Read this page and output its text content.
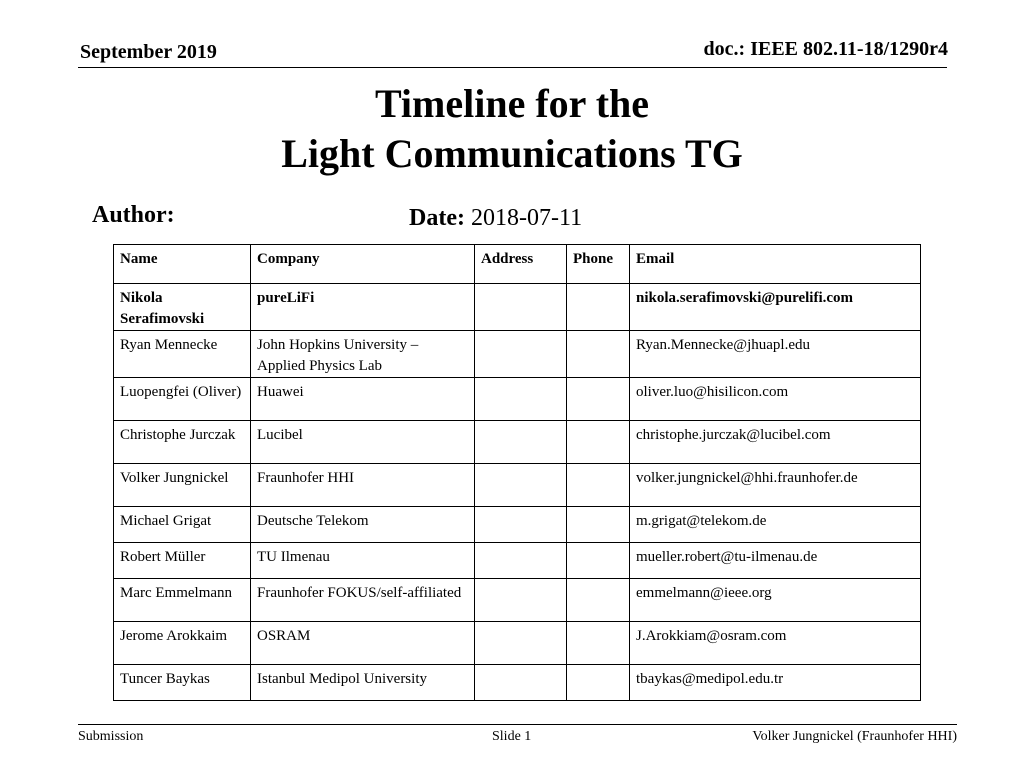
September 2019	doc.: IEEE 802.11-18/1290r4
Timeline for the
Light Communications TG
Author:	Date: 2018-07-11
Name	Company	Address	Phone	Email
Nikola Serafimovski	pureLiFi			nikola.serafimovski@purelifi.com
Ryan Mennecke	John Hopkins University – Applied Physics Lab			Ryan.Mennecke@jhuapl.edu
Luopengfei (Oliver)	Huawei			oliver.luo@hisilicon.com
Christophe Jurczak	Lucibel			christophe.jurczak@lucibel.com
Volker Jungnickel	Fraunhofer HHI			volker.jungnickel@hhi.fraunhofer.de
Michael Grigat	Deutsche Telekom			m.grigat@telekom.de
Robert Müller	TU Ilmenau			mueller.robert@tu-ilmenau.de
Marc Emmelmann	Fraunhofer FOKUS/self-affiliated			emmelmann@ieee.org
Jerome Arokkaim	OSRAM			J.Arokkiam@osram.com
Tuncer Baykas	Istanbul Medipol University			tbaykas@medipol.edu.tr
Submission	Slide 1	Volker Jungnickel (Fraunhofer HHI)
